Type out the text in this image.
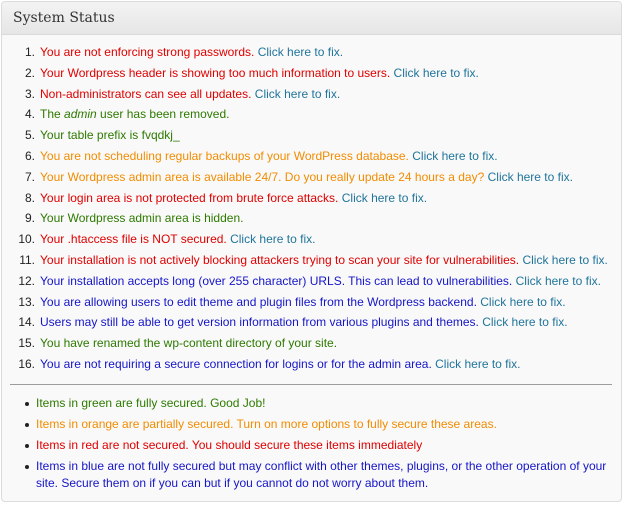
System Status
1. You are not enforcing strong passwords. Click here to fix.
2. Your Wordpress header is showing too much information to users. Click here to fix.
3. Non-administrators can see all updates. Click here to fix.
4. The admin user has been removed.
5. Your table prefix is fvqdkj_
6. You are not scheduling regular backups of your WordPress database. Click here to fix.
7. Your Wordpress admin area is available 24/7. Do you really update 24 hours a day? Click here to fix.
8. Your login area is not protected from brute force attacks. Click here to fix.
9. Your Wordpress admin area is hidden.
10. Your .htaccess file is NOT secured. Click here to fix.
11. Your installation is not actively blocking attackers trying to scan your site for vulnerabilities. Click here to fix.
12. Your installation accepts long (over 255 character) URLS. This can lead to vulnerabilities. Click here to fix.
13. You are allowing users to edit theme and plugin files from the Wordpress backend. Click here to fix.
14. Users may still be able to get version information from various plugins and themes. Click here to fix.
15. You have renamed the wp-content directory of your site.
16. You are not requiring a secure connection for logins or for the admin area. Click here to fix.
Items in green are fully secured. Good Job!
Items in orange are partially secured. Turn on more options to fully secure these areas.
Items in red are not secured. You should secure these items immediately
Items in blue are not fully secured but may conflict with other themes, plugins, or the other operation of your site. Secure them on if you can but if you cannot do not worry about them.
